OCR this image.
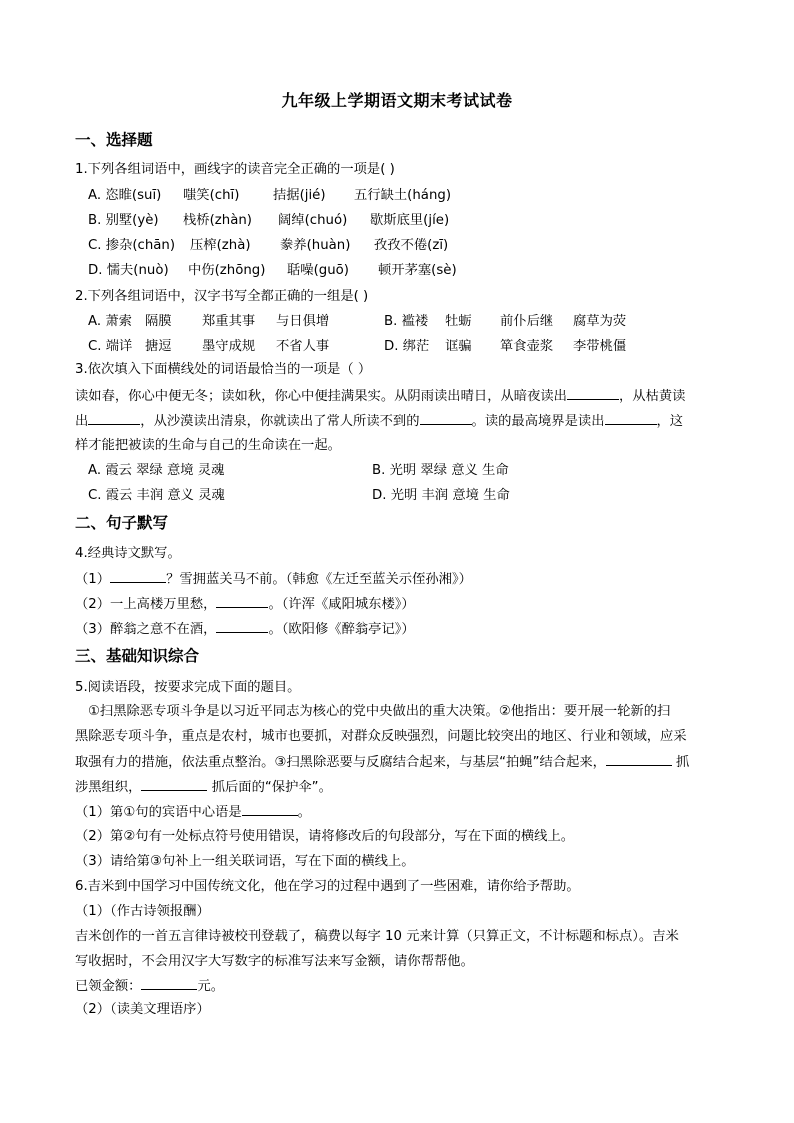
九年级上学期语文期末考试试卷
一、选择题
1.下列各组词语中，画线字的读音完全正确的一项是( )
A. 恣睢(suī) 嗤笑(chī)	拮据(jié) 五行缺土(háng)
B. 别墅(yè) 栈桥(zhàn) 阔绰(chuó) 歇斯底里(jíe)
C. 掺杂(chān) 压榨(zhà) 豢养(huàn) 孜孜不倦(zī)
D. 懦夫(nuò) 中伤(zhōng) 聒噪(guō) 顿开茅塞(sè)
2.下列各组词语中，汉字书写全都正确的一组是( )
A. 萧索 隔膜 郑重其事 与日俱增	B. 褴褛 牡蛎 前仆后继 腐草为荧
C. 端详 搪逗 墨守成规 不省人事	D. 绑茫 诓骗 箪食壶浆 李带桃僵
3.依次填入下面横线处的词语最恰当的一项是（ ）
读如春，你心中便无冬；读如秋，你心中便挂满果实。从阴雨读出晴日，从暗夜读出	，从枯黄读
出	，从沙漠读出清泉，你就读出了常人所读不到的	。读的最高境界是读出	，这
样才能把被读的生命与自己的生命读在一起。
A. 霞云 翠绿 意境 灵魂	B. 光明 翠绿 意义 生命
C. 霞云 丰润 意义 灵魂	D. 光明 丰润 意境 生命
二、句子默写
4.经典诗文默写。
（1）	？雪拥蓝关马不前。（韩愈《左迁至蓝关示侄孙湘》）
（2）一上高楼万里愁，	。（许浑《咸阳城东楼》）
（3）醉翁之意不在酒，	。（欧阳修《醉翁亭记》）
三、基础知识综合
5.阅读语段，按要求完成下面的题目。
①扫黑除恶专项斗争是以习近平同志为核心的党中央做出的重大决策。②他指出：要开展一轮新的扫
黑除恶专项斗争，重点是农村，城市也要抓，对群众反映强烈，问题比较突出的地区、行业和领域，应采
取强有力的措施，依法重点整治。③扫黑除恶要与反腐结合起来，与基层“拍蝇”结合起来，	抓
涉黑组织，	抓后面的“保护伞”。
（1）第①句的宾语中心语是	。
（2）第②句有一处标点符号使用错误，请将修改后的句段部分，写在下面的横线上。
（3）请给第③句补上一组关联词语，写在下面的横线上。
6.吉米到中国学习中国传统文化，他在学习的过程中遇到了一些困难，请你给予帮助。
（1）（作古诗领报酬）
吉米创作的一首五言律诗被校刊登载了，稿费以每字 10 元来计算（只算正文，不计标题和标点）。吉米
写收据时，不会用汉字大写数字的标准写法来写金额，请你帮帮他。
已领金额：	元。
（2）（读美文理语序）
